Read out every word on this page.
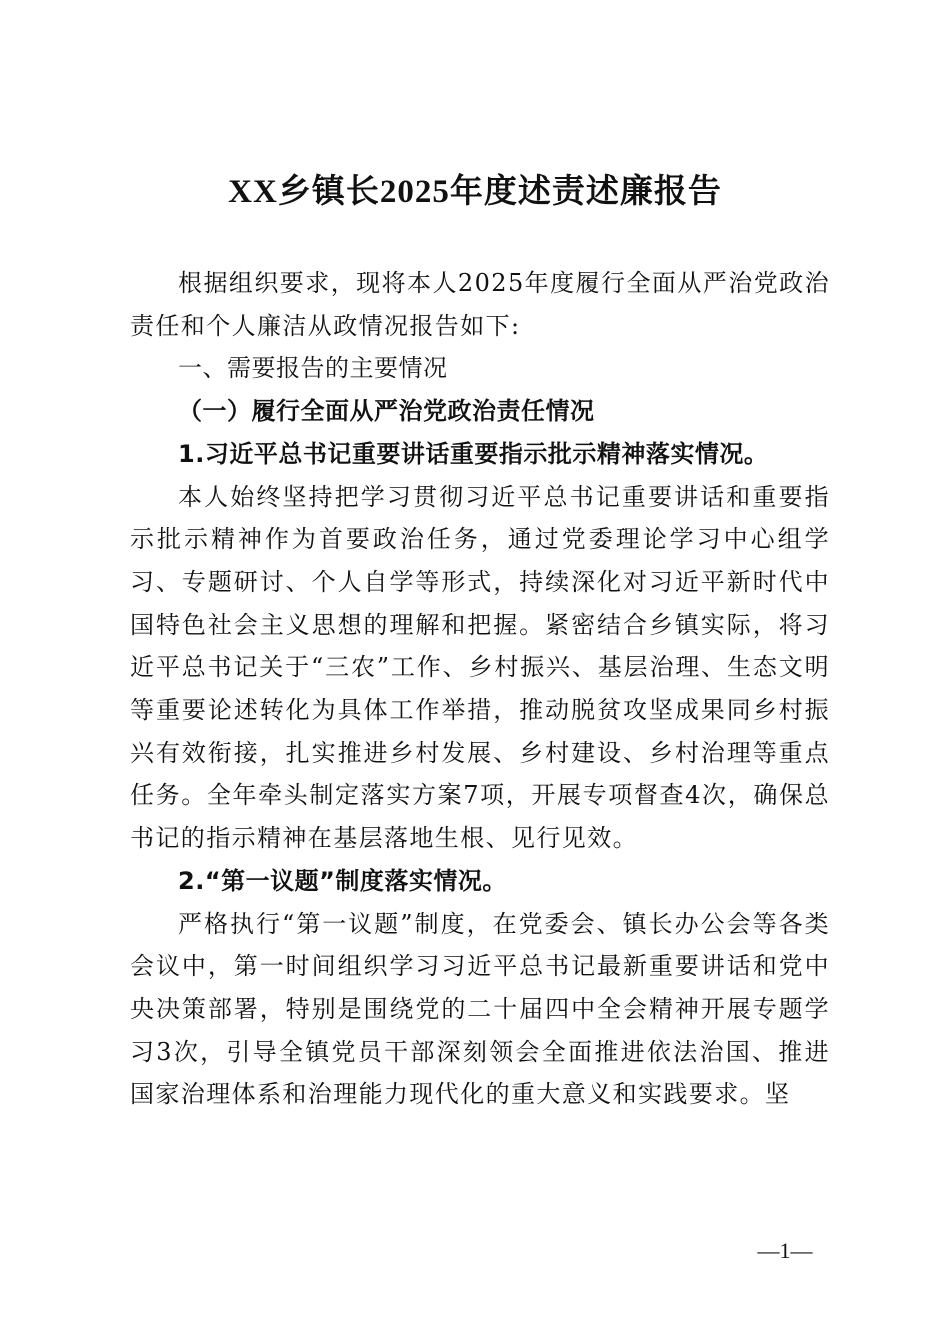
XX乡镇长2025年度述责述廉报告

根据组织要求，现将本人2025年度履行全面从严治党政治责任和个人廉洁从政情况报告如下:

一、需要报告的主要情况

（一）履行全面从严治党政治责任情况

1.习近平总书记重要讲话重要指示批示精神落实情况。

本人始终坚持把学习贯彻习近平总书记重要讲话和重要指示批示精神作为首要政治任务，通过党委理论学习中心组学习、专题研讨、个人自学等形式，持续深化对习近平新时代中国特色社会主义思想的理解和把握。紧密结合乡镇实际，将习近平总书记关于“三农”工作、乡村振兴、基层治理、生态文明等重要论述转化为具体工作举措，推动脱贫攻坚成果同乡村振兴有效衔接，扎实推进乡村发展、乡村建设、乡村治理等重点任务。全年牵头制定落实方案7项，开展专项督查4次，确保总书记的指示精神在基层落地生根、见行见效。

2.“第一议题”制度落实情况。

严格执行“第一议题”制度，在党委会、镇长办公会等各类会议中，第一时间组织学习习近平总书记最新重要讲话和党中央决策部署，特别是围绕党的二十届四中全会精神开展专题学习3次，引导全镇党员干部深刻领会全面推进依法治国、推进国家治理体系和治理能力现代化的重大意义和实践要求。坚

—1—
